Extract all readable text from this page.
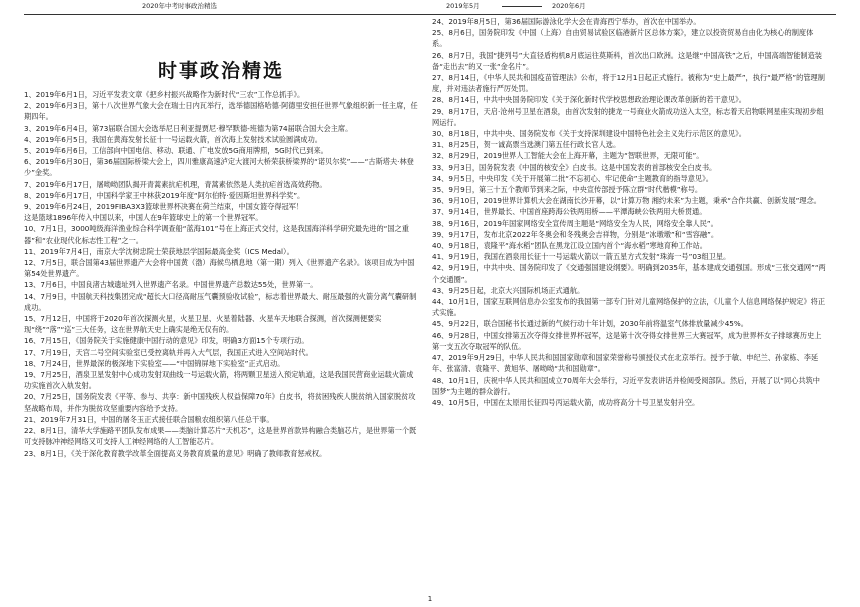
2020年中考时事政治精选	2019年5月	2020年6月
时事政治精选

1、2019年6月1日，习近平发表文章《把乡村振兴战略作为新时代“三农”工作总抓手》。

2、2019年6月3日，第十八次世界气象大会在瑞士日内瓦举行，选举德国格哈德·阿德里安担任世界气象组织新一任主席，任期四年。

3、2019年6月4日，第73届联合国大会选举尼日利亚提贾尼·穆罕默德-班德为第74届联合国大会主席。

4、2019年6月5日，我国在黄海发射长征十一号运载火箭，首次海上发射技术试验圆满成功。

5、2019年6月6日，工信部向中国电信、移动、联通、广电发放5G商用牌照，5G时代已到来。

6、2019年6月30日，第36届国际桥梁大会上，四川雅康高速泸定大渡河大桥荣获桥梁界的“诺贝尔奖”——“古斯塔夫·林登少”金奖。

7、2019年6月17日，屠呦呦团队揭开青蒿素抗疟机理，青蒿素依然是人类抗疟首选高效药物。

8、2019年6月17日，中国科学家王中林获2019年度“阿尔伯特·爱因斯坦世界科学奖”。

9、2019年6月24日，2019FIBA3X3篮球世界杯决赛在荷兰结束，中国女篮夺得冠军！

这是篮球1896年传入中国以来，中国人在9年篮球史上的第一个世界冠军。

10、7月1日，3000吨级海洋渔业综合科学调查船“蓝海101”号在上海正式交付，这是我国海洋科学研究最先进的“国之重器”和“农业现代化标志性工程”之一。

11、2019年7月4日，南京大学沈树忠院士荣获地层学国际最高金奖（ICS Medal）。

12、7月5日，联合国第43届世界遗产大会将中国黄（渤）海候鸟栖息地（第一期）列入《世界遗产名录》。该项目成为中国第54处世界遗产。

13、7月6日，中国良渚古城遗址列入世界遗产名录。中国世界遗产总数达55处，世界第一。

14、7月9日，中国航天科技集团完成“超长大口径高耐压气囊预验收试验”，标志着世界最大、耐压最强的火箭分离气囊研制成功。

15、7月12日，中国将于2020年首次探测火星，火星卫星、火星着陆器、火星车天地联合探测，首次探测便要实现“绕”“落”“巡”三大任务，这在世界航天史上确实是绝无仅有的。

16、7月15日，《国务院关于实施健康中国行动的意见》印发，明确3方面15个专项行动。

17、7月19日，天宫二号空间实验室已受控离轨并再入大气层，我国正式进入空间站时代。

18、7月24日，世界最深的极深地下实验室——“中国锦屏地下实验室”正式启动。

19、7月25日，酒泉卫星发射中心成功发射双曲线一号运载火箭，将两颗卫星送入预定轨道，这是我国民营商业运载火箭成功实施首次入轨发射。

20、7月25日，国务院发表《平等、参与、共享：新中国残疾人权益保障70年》白皮书，将贫困残疾人脱贫纳入国家脱贫攻坚战略布局，并作为脱贫攻坚重要内容给予支持。

21、2019年7月31日，中国的屠冬玉正式接任联合国粮农组织第八任总干事。

22、8月1日，清华大学施路平团队发布成果——类脑计算芯片“天机芯”，这是世界首款异构融合类脑芯片，是世界第一个既可支持脉冲神经网络又可支持人工神经网络的人工智能芯片。

23、8月1日，《关于深化教育教学改革全面提高义务教育质量的意见》明确了教师教育惩戒权。

24、2019年8月5日，第36届国际游泳化学大会在青海西宁举办，首次在中国举办。

25、8月6日，国务院印发《中国（上海）自由贸易试验区临港新片区总体方案》，建立以投资贸易自由化为核心的制度体系。

26、8月7日，我国“捷列号”大直径盾构机8月底运往莫斯科，首次出口欧洲。这是继“中国高铁”之后，中国高端智能制造装备“走出去”的又一张“金名片”。

27、8月14日，《中华人民共和国疫苗管理法》公布，将于12月1日起正式施行。被称为“史上最严”，执行“最严格”的管理制度，并对违法者施行严厉处罚。

28、8月14日，中共中央国务院印发《关于深化新时代学校思想政治理论课改革创新的若干意见》。

29、8月17日，天启·沧州号卫星在酒泉，由首次发射的捷龙一号商业火箭成功送入太空，标志着天启物联网星座实现初步组网运行。

30、8月18日，中共中央、国务院发布《关于支持深圳建设中国特色社会主义先行示范区的意见》。

31、8月25日，贺一诚高票当选澳门第五任行政长官人选。

32、8月29日，2019世界人工智能大会在上海开幕，主题为“智联世界，无限可能”。

33、9月3日，国务院发表《中国的核安全》白皮书。这是中国发表的首部核安全白皮书。

34、9月5日，中央印发《关于开展第二批“不忘初心、牢记使命”主题教育的指导意见》。

35、9月9日，第三十五个教师节到来之际，中央宣传部授予陈立群“时代楷模”称号。

36、9月10日，2019世界计算机大会在湖南长沙开幕，以“计算万物 湘约未来”为主题，秉承“合作共赢、创新发展”理念。

37、9月14日，世界最长、中国首座跨海公铁两用桥——平潭海峡公铁两用大桥贯通。

38、9月16日，2019年国家网络安全宣传周主题是“网络安全为人民，网络安全靠人民”。

39、9月17日，发布北京2022年冬奥会和冬残奥会吉祥物，分别是“冰墩墩”和“雪容融”。

40、9月18日，袁隆平“海水稻”团队在黑龙江设立国内首个“海水稻”寒地育种工作站。

41、9月19日，我国在酒泉用长征十一号运载火箭以一箭五星方式发射“珠海一号”03组卫星。

42、9月19日，中共中央、国务院印发了《交通强国建设纲要》。明确到2035年，基本建成交通强国。形成“三张交通网”“两个交通圈”。

43、9月25日起，北京大兴国际机场正式通航。

44、10月1日，国家互联网信息办公室发布的我国第一部专门针对儿童网络保护的立法，《儿童个人信息网络保护规定》将正式实施。

45、9月22日，联合国秘书长通过新的气候行动十年计划，2030年前将温室气体排放量减少45%。

46、9月28日，中国女排第五次夺得女排世界杯冠军，这是第十次夺得女排世界三大赛冠军，成为世界杯女子排球赛历史上第一支五次夺取冠军的队伍。

47、2019年9月29日，中华人民共和国国家勋章和国家荣誉称号颁授仪式在北京举行。授予于敏、申纪兰、孙家栋、李延年、张富清、袁隆平、黄旭华、屠呦呦“共和国勋章”。

48、10月1日，庆祝中华人民共和国成立70周年大会举行，习近平发表讲话并检阅受阅部队。然后，开展了以“同心共筑中国梦”为主题的群众游行。

49、10月5日，中国在太原用长征四号丙运载火箭，成功将高分十号卫星发射升空。

1
